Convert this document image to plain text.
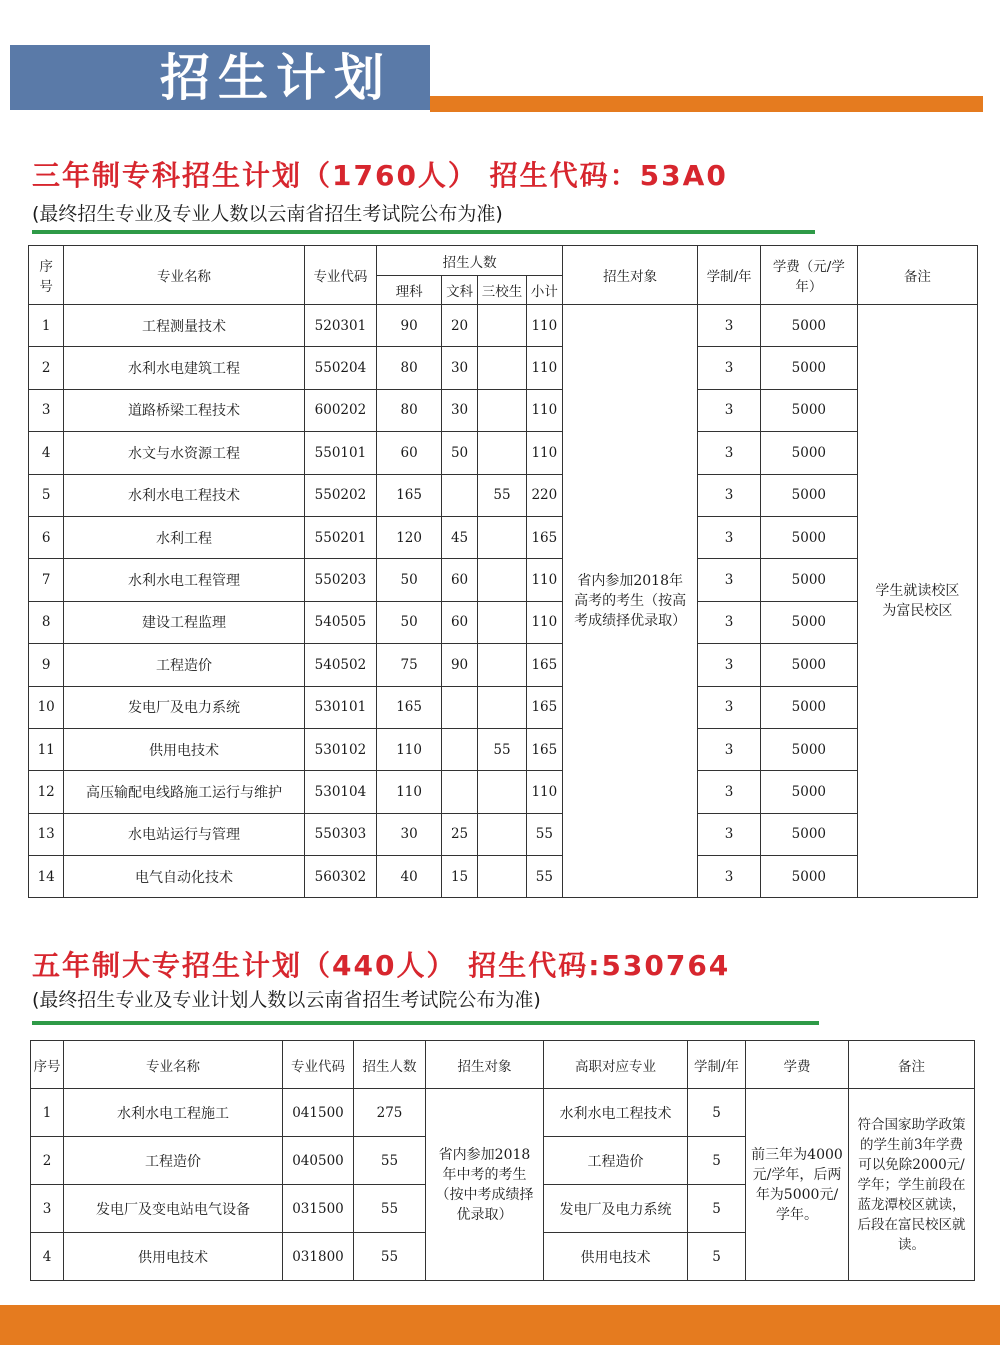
招生计划
三年制专科招生计划（1760人） 招生代码：53A0
(最终招生专业及专业人数以云南省招生考试院公布为准)
序号	专业名称	专业代码	招生人数				招生对象	学制/年	学费（元/学年）	备注
			理科	文科	三校生	小计				
1	工程测量技术	520301	90	20		110	省内参加2018年高考的考生（按高考成绩择优录取）	3	5000	学生就读校区为富民校区
2	水利水电建筑工程	550204	80	30		110		3	5000	
3	道路桥梁工程技术	600202	80	30		110		3	5000	
4	水文与水资源工程	550101	60	50		110		3	5000	
5	水利水电工程技术	550202	165		55	220		3	5000	
6	水利工程	550201	120	45		165		3	5000	
7	水利水电工程管理	550203	50	60		110		3	5000	
8	建设工程监理	540505	50	60		110		3	5000	
9	工程造价	540502	75	90		165		3	5000	
10	发电厂及电力系统	530101	165			165		3	5000	
11	供用电技术	530102	110		55	165		3	5000	
12	高压输配电线路施工运行与维护	530104	110			110		3	5000	
13	水电站运行与管理	550303	30	25		55		3	5000	
14	电气自动化技术	560302	40	15		55		3	5000	
五年制大专招生计划（440人） 招生代码:530764
(最终招生专业及专业计划人数以云南省招生考试院公布为准)
序号	专业名称	专业代码	招生人数	招生对象	高职对应专业	学制/年	学费	备注
1	水利水电工程施工	041500	275	省内参加2018年中考的考生（按中考成绩择优录取）	水利水电工程技术	5	前三年为4000元/学年，后两年为5000元/学年。	符合国家助学政策的学生前3年学费可以免除2000元/学年；学生前段在蓝龙潭校区就读，后段在富民校区就读。
2	工程造价	040500	55		工程造价	5		
3	发电厂及变电站电气设备	031500	55		发电厂及电力系统	5		
4	供用电技术	031800	55		供用电技术	5		
